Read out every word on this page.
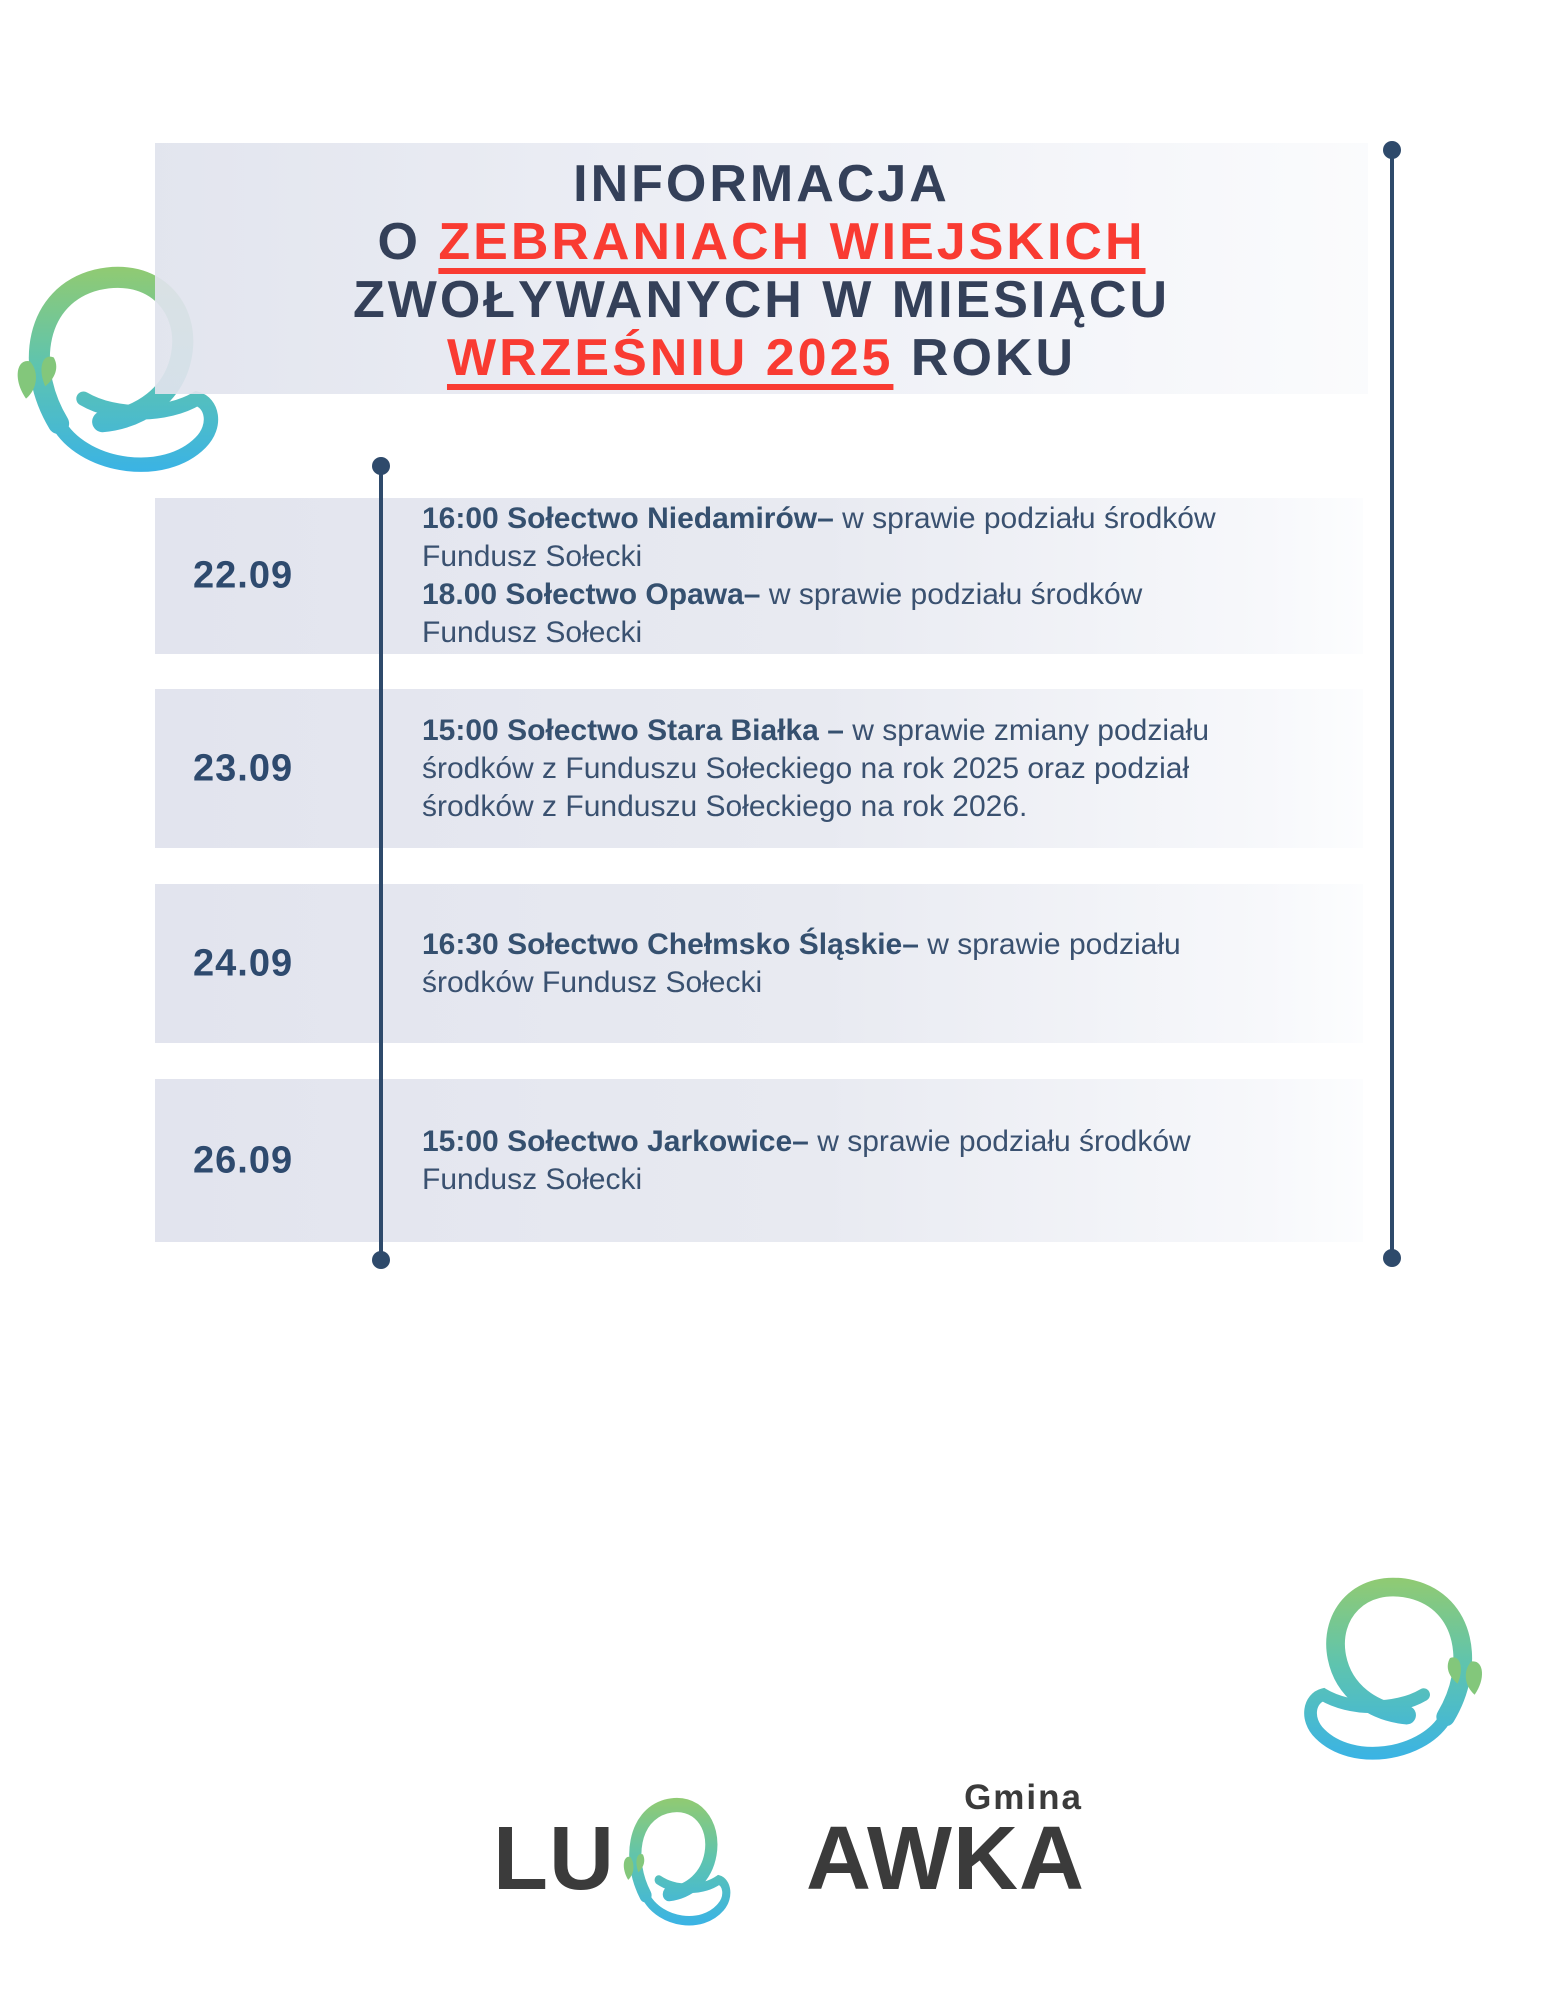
INFORMACJA
O ZEBRANIACH WIEJSKICH
ZWOŁYWANYCH W MIESIĄCU
WRZEŚNIU 2025 ROKU
22.09
16:00 Sołectwo Niedamirów– w sprawie podziału środków
Fundusz Sołecki
18.00 Sołectwo Opawa– w sprawie podziału środków
Fundusz Sołecki
23.09
15:00 Sołectwo Stara Białka – w sprawie zmiany podziału
środków z Funduszu Sołeckiego na rok 2025 oraz podział
środków z Funduszu Sołeckiego na rok 2026.
24.09	16:30 Sołectwo Chełmsko Śląskie– w sprawie podziału
środków Fundusz Sołecki
26.09	15:00 Sołectwo Jarkowice– w sprawie podziału środków
Fundusz Sołecki
Gmina
LU AWKA
